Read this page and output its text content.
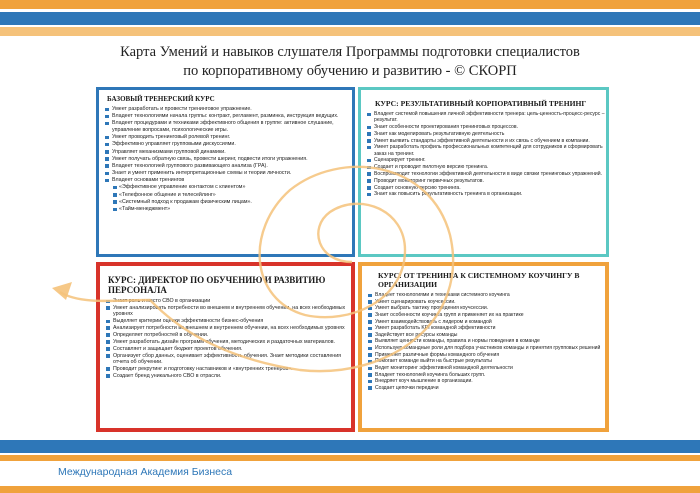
Карта Умений и навыков слушателя Программы подготовки специалистов
по корпоративному обучению и развитию - © СКОРП
БАЗОВЫЙ ТРЕНЕРСКИЙ КУРС
Умеет разработать и провести тренинговое упражнение.
Владеет технологиями начала группы: контракт, регламент, разминка, инструкция ведущих.
Владеет процедурами и техниками эффективного общения в группе: активное слушание, управление вопросами, психологические игры.
Умеет проводить тренинговый ролевой тренинг.
Эффективно управляет групповыми дискуссиями.
Управляет механизмами групповой динамики.
Умеет получать обратную связь, провести шеринг, подвести итоги упражнения.
Владеет технологией группового развивающего анализа (ГРА).
Знает и умеет применить интерпретационные схемы и теории личности.
Владеет основами тренингов
«Эффективное управление контактом с клиентом»
«Телефонное общение и телесейлинг»
«Системный подход к продажам физическим лицам».
«Тайм-менеджмент»
КУРС: РЕЗУЛЬТАТИВНЫЙ КОРПОРАТИВНЫЙ ТРЕНИНГ
Владеет системой повышения личной эффективности тренера: цель-ценность-процесс-ресурс – результат.
Знает особенности проектирования тренинговых процессов.
Знает как моделировать результативную деятельность
Умеет выявить стандарты эффективной деятельности и их связь с обучением в компании.
Умеет разработать профиль профессиональных компетенций для сотрудников и сформировать заказ на тренинг.
Сценарирует тренинг.
Создает и проводит пилотную версию тренинга.
Воспроизводит технологии эффективной деятельности в виде связки тренинговых упражнений.
Проводит мониторинг первичных результатов.
Создает основную версию тренинга.
Знает как повысить результативность тренинга в организации.
КУРС: ДИРЕКТОР ПО ОБУЧЕНИЮ И РАЗВИТИЮ ПЕРСОНАЛА
Знает роль и место СВО в организации
Умеет анализировать потребности во внешнем и внутреннем обучении, на всех необходимых уровнях
Выделяет критерии оценки эффективности бизнес-обучения
Анализирует потребности во внешнем и внутреннем обучении, на всех необходимых уровнях
Определяет потребностей в обучении.
Умеет разработать дизайн программ обучения, методических и раздаточных материалов.
Составляет и защищает бюджет проектов обучения.
Организует сбор данных, оценивает эффективность обучения. Знает методики составления отчета об обучении.
Проводит рекрутинг и подготовку наставников и «внутренних тренеров».
Создает бренд уникального СВО в отрасли.
КУРС: ОТ ТРЕНИНГА К СИСТЕМНОМУ КОУЧИНГУ В ОРГАНИЗАЦИИ
Владеет технологиями и техниками системного коучинга
Умеет сценарировать коучсессии.
Умеет выбрать тактику проведения коучсессии.
Знает особенности коучинга групп и применяет их на практике
Умеет взаимодействовать с лидером и командой
Умеет разработать KPI командной эффективности
Задействует все ресурсы команды
Выявляет ценности команды, правила и нормы поведения в команде
Использует командные роли для подбора участников команды и принятия групповых решений
Применяет различные формы командного обучения
Помогает команде выйти на быстрые результаты
Ведет мониторинг эффективной командной деятельности
Владеет технологией коучинга больших групп.
Внедряет коуч мышление в организации.
Создает цепочки передачи
Международная Академия Бизнеса
